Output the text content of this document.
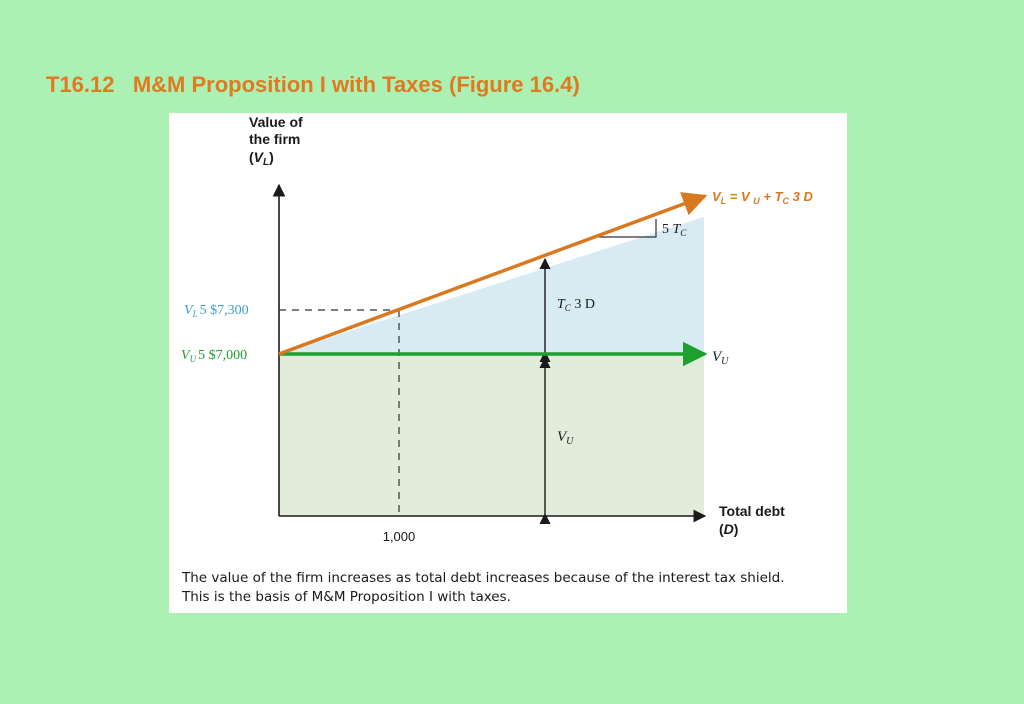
T16.12   M&M Proposition I with Taxes (Figure 16.4)
Value of the firm $(V_L)$
Total debt (D)
$V_L$ 5 $7,300
$V_U$ 5 $7,000
1,000
$V_L = V$ $_U + T_C$ 3 D
$V_U$
5 $T_C$
$T_C$ 3 D
$V_U$
The value of the firm increases as total debt increases because of the interest tax shield.
This is the basis of M&M Proposition I with taxes.
